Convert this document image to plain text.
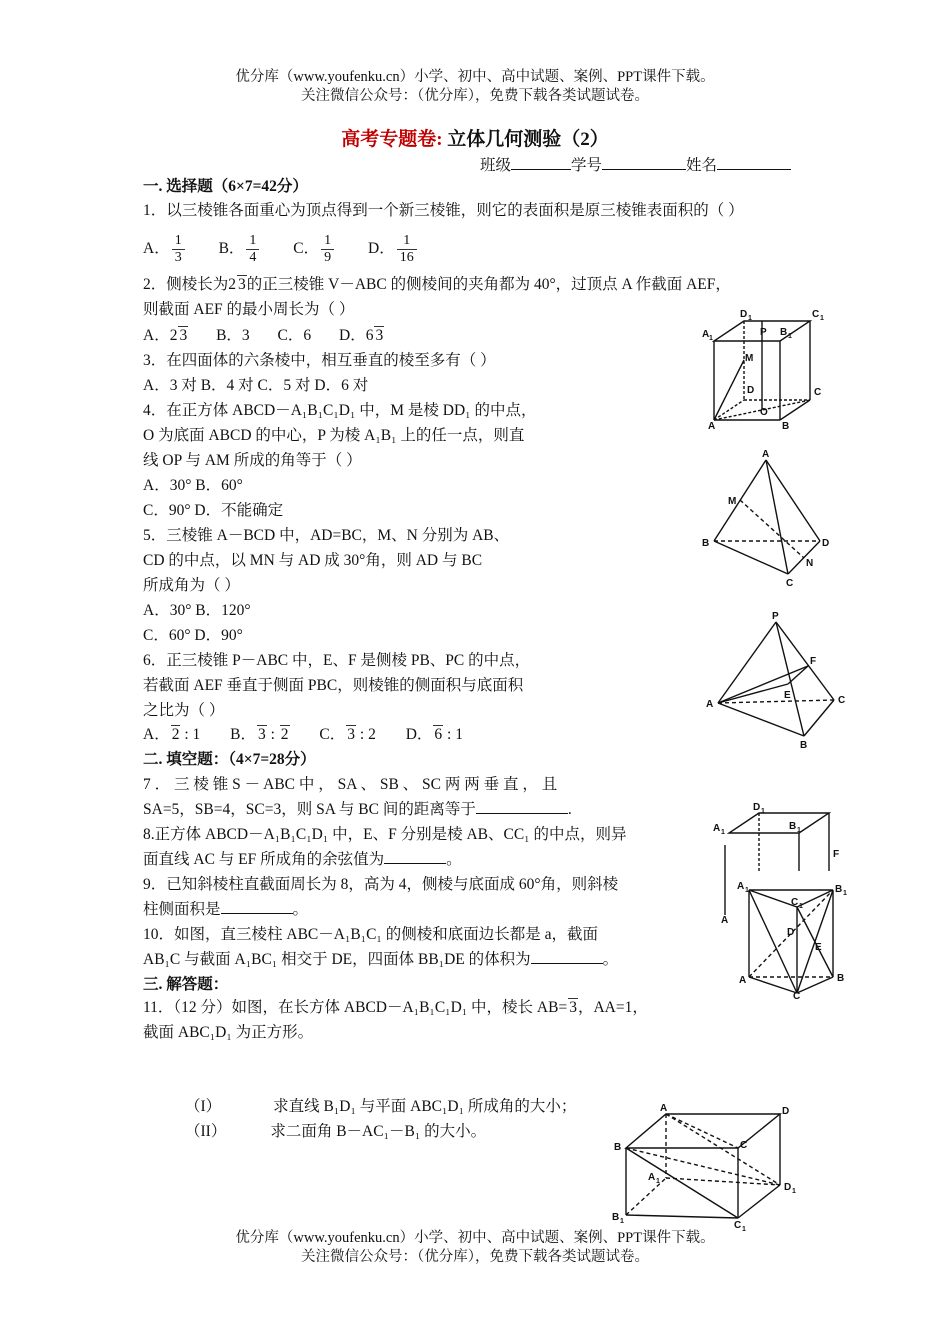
优分库（www.youfenku.cn）小学、初中、高中试题、案例、PPT课件下载。
关注微信公众号：（优分库），免费下载各类试题试卷。
高考专题卷: 立体几何测验（2）
班级	学号	姓名
一. 选择题（6×7=42分）
1．以三棱锥各面重心为顶点得到一个新三棱锥，则它的表面积是原三棱锥表面积的（ ）
A． $\frac{1}{3}$ B． $\frac{1}{4}$ C． $\frac{1}{9}$ D． $\frac{1}{16}$
2．侧棱长为2 3的正三棱锥 V－ABC 的侧棱间的夹角都为 40°，过顶点 A 作截面 AEF，
则截面 AEF 的最小周长为（ ）
A．2 3 B．3 C．6 D．6 3
3．在四面体的六条棱中，相互垂直的棱至多有（ ）
A．3 对 B．4 对 C．5 对 D．6 对
4．在正方体 ABCD－A₁B₁C₁D₁ 中，M 是棱 DD₁ 的中点，
O 为底面 ABCD 的中心，P 为棱 A₁B₁ 上的任一点，则直
线 OP 与 AM 所成的角等于（ ）
A．30° B．60°
C．90° D．不能确定
5．三棱锥 A－BCD 中，AD=BC，M、N 分别为 AB、
CD 的中点，以 MN 与 AD 成 30°角，则 AD 与 BC
所成角为（ ）
A．30° B．120°
C．60° D．90°
6．正三棱锥 P－ABC 中，E、F 是侧棱 PB、PC 的中点，
若截面 AEF 垂直于侧面 PBC，则棱锥的侧面积与底面积
之比为（ ）
A． 2 : 1 B． 3 : 2 C． 3 : 2 D． 6 : 1
二. 填空题：（4×7=28分）
7 ． 三 棱 锥 S － ABC 中 ， SA 、 SB 、 SC 两 两 垂 直 ， 且
SA=5，SB=4，SC=3，则 SA 与 BC 间的距离等于	.
8.正方体 ABCD－A₁B₁C₁D₁ 中，E、F 分别是棱 AB、CC₁ 的中点，则异
面直线 AC 与 EF 所成角的余弦值为	。
9．已知斜棱柱直截面周长为 8，高为 4，侧棱与底面成 60°角，则斜棱
柱侧面积是	。
10．如图，直三棱柱 ABC－A₁B₁C₁ 的侧棱和底面边长都是 a，截面
AB₁C 与截面 A₁BC₁ 相交于 DE，四面体 BB₁DE 的体积为	。
三. 解答题：
11．（12 分）如图，在长方体 ABCD－A₁B₁C₁D₁ 中，棱长 AB= 3，AA=1，
截面 ABC₁D₁ 为正方形。
（I）	求直线 B₁D₁ 与平面 ABC₁D₁ 所成角的大小；
（II）	求二面角 B－AC₁－B₁ 的大小。
D 1	C 1
P B 1
A 1
M
D
O
C
A	B
A
M
B	D
N
C
P
F
E
A	C
B
D 1
B 1
A 1
F
A
A 1	B 1
C 1
D
E
A	B
C
A	D
B	C
A 1
D 1
B 1	C 1
优分库（www.youfenku.cn）小学、初中、高中试题、案例、PPT课件下载。
关注微信公众号：（优分库），免费下载各类试题试卷。
